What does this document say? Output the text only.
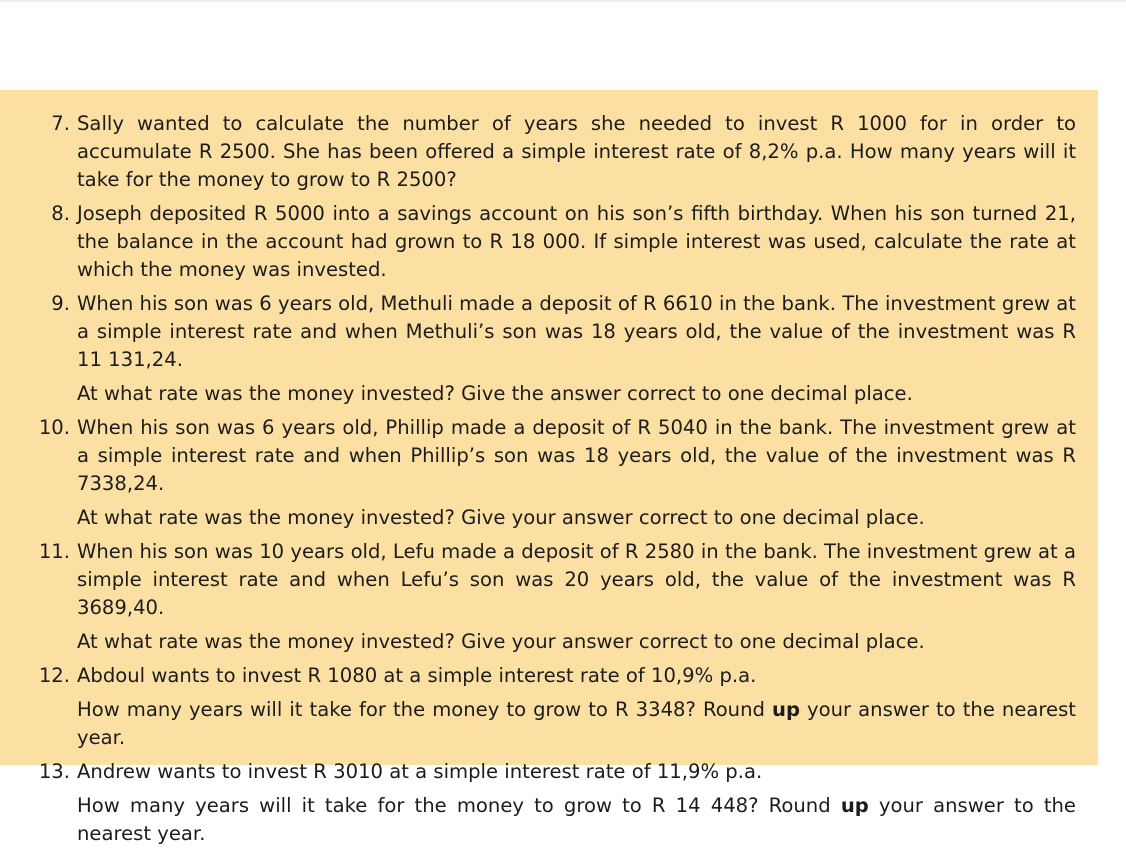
7. Sally wanted to calculate the number of years she needed to invest R 1000 for in order to accumulate R 2500. She has been offered a simple interest rate of 8,2% p.a. How many years will it take for the money to grow to R 2500?

8. Joseph deposited R 5000 into a savings account on his son’s fifth birthday. When his son turned 21, the balance in the account had grown to R 18 000. If simple interest was used, calculate the rate at which the money was invested.

9. When his son was 6 years old, Methuli made a deposit of R 6610 in the bank. The investment grew at a simple interest rate and when Methuli’s son was 18 years old, the value of the investment was R 11 131,24.

At what rate was the money invested? Give the answer correct to one decimal place.

10. When his son was 6 years old, Phillip made a deposit of R 5040 in the bank. The investment grew at a simple interest rate and when Phillip’s son was 18 years old, the value of the investment was R 7338,24.

At what rate was the money invested? Give your answer correct to one decimal place.

11. When his son was 10 years old, Lefu made a deposit of R 2580 in the bank. The investment grew at a simple interest rate and when Lefu’s son was 20 years old, the value of the investment was R 3689,40.

At what rate was the money invested? Give your answer correct to one decimal place.

12. Abdoul wants to invest R 1080 at a simple interest rate of 10,9% p.a.

How many years will it take for the money to grow to R 3348? Round up your answer to the nearest year.

13. Andrew wants to invest R 3010 at a simple interest rate of 11,9% p.a.

How many years will it take for the money to grow to R 14 448? Round up your answer to the nearest year.
